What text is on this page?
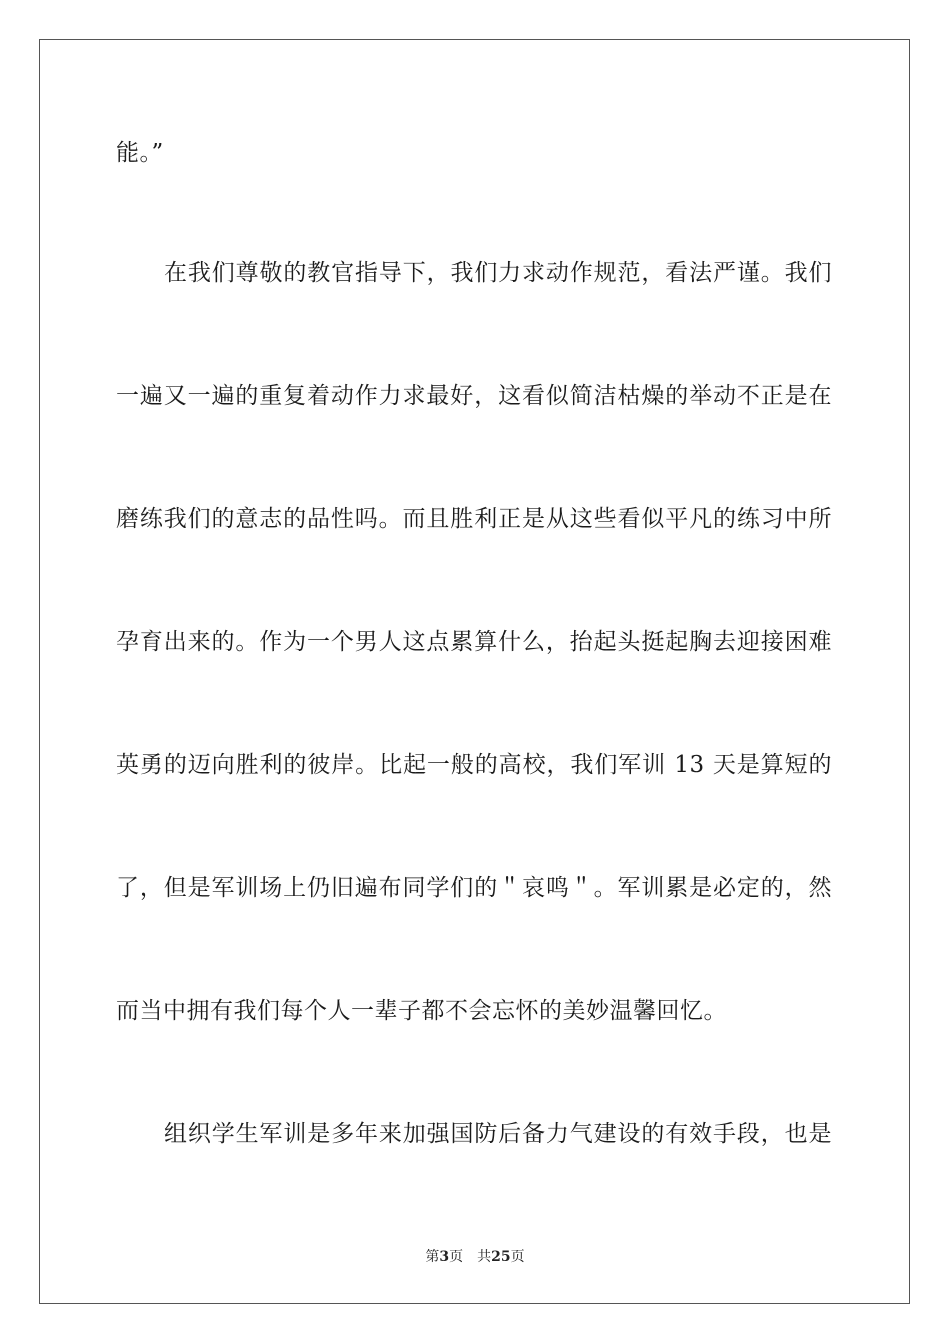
能。”
在我们尊敬的教官指导下，我们力求动作规范，看法严谨。我们
一遍又一遍的重复着动作力求最好，这看似简洁枯燥的举动不正是在
磨练我们的意志的品性吗。而且胜利正是从这些看似平凡的练习中所
孕育出来的。作为一个男人这点累算什么，抬起头挺起胸去迎接困难
英勇的迈向胜利的彼岸。比起一般的高校，我们军训 13 天是算短的
了，但是军训场上仍旧遍布同学们的＂哀鸣＂。军训累是必定的，然
而当中拥有我们每个人一辈子都不会忘怀的美妙温馨回忆。
组织学生军训是多年来加强国防后备力气建设的有效手段，也是
第3页 共25页
